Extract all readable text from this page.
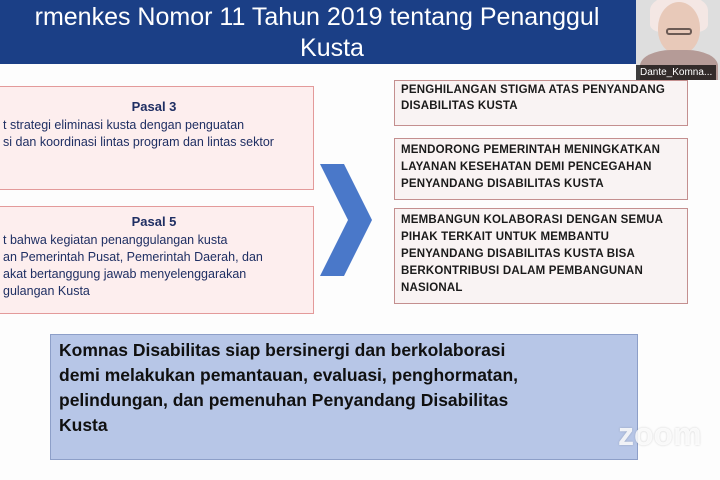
rmenkes Nomor 11 Tahun 2019 tentang Penanggul
Kusta
Pasal 3
t strategi eliminasi kusta dengan penguatan
si dan koordinasi lintas program dan lintas sektor
Pasal 5
t bahwa kegiatan penanggulangan kusta
an Pemerintah Pusat, Pemerintah Daerah, dan
akat bertanggung jawab menyelenggarakan
gulangan Kusta
PENGHILANGAN STIGMA ATAS PENYANDANG
DISABILITAS KUSTA
MENDORONG PEMERINTAH MENINGKATKAN
LAYANAN KESEHATAN DEMI PENCEGAHAN
PENYANDANG DISABILITAS KUSTA
MEMBANGUN KOLABORASI DENGAN SEMUA
PIHAK TERKAIT UNTUK MEMBANTU
PENYANDANG DISABILITAS KUSTA BISA
BERKONTRIBUSI DALAM PEMBANGUNAN
NASIONAL
Komnas Disabilitas siap bersinergi dan berkolaborasi
demi melakukan pemantauan, evaluasi, penghormatan,
pelindungan, dan pemenuhan Penyandang Disabilitas
Kusta	zoom
Dante_Komna...
